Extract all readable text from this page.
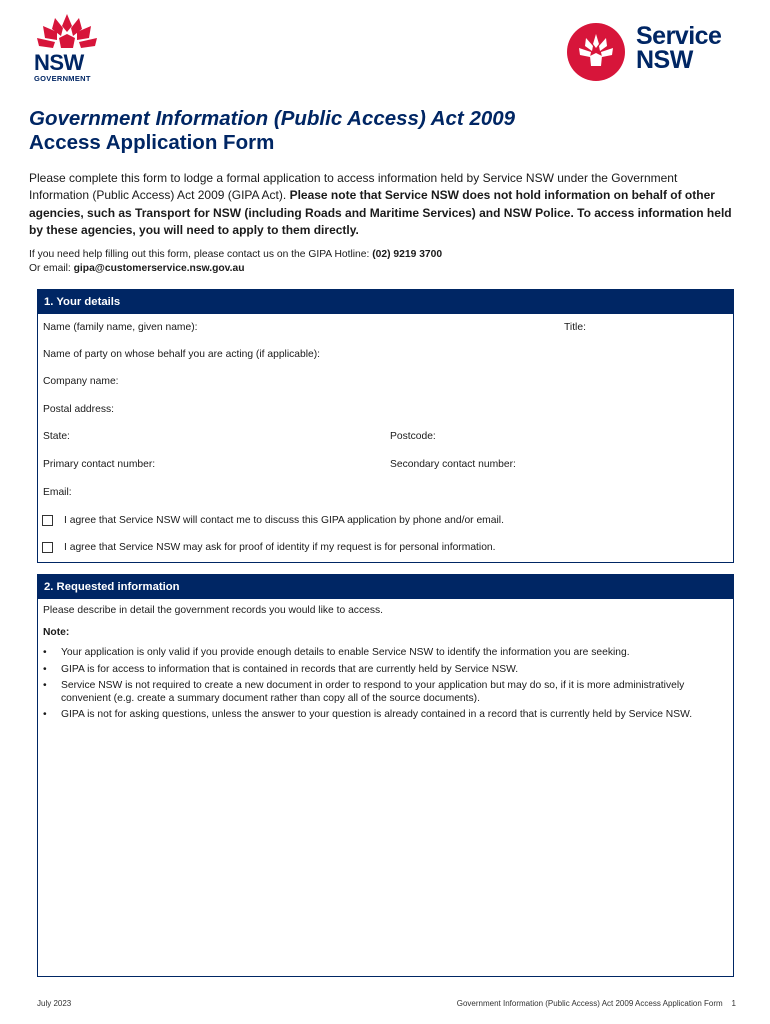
NSW
GOVERNMENT
Service
NSW
Government Information (Public Access) Act 2009
Access Application Form
Please complete this form to lodge a formal application to access information held by Service NSW under the Government Information (Public Access) Act 2009 (GIPA Act). Please note that Service NSW does not hold information on behalf of other agencies, such as Transport for NSW (including Roads and Maritime Services) and NSW Police. To access information held by these agencies, you will need to apply to them directly.
If you need help filling out this form, please contact us on the GIPA Hotline: (02) 9219 3700
Or email: gipa@customerservice.nsw.gov.au
1. Your details
Name (family name, given name):	Title:
Name of party on whose behalf you are acting (if applicable):
Company name:
Postal address:
State:	Postcode:
Primary contact number:	Secondary contact number:
Email:
I agree that Service NSW will contact me to discuss this GIPA application by phone and/or email.
I agree that Service NSW may ask for proof of identity if my request is for personal information.
2. Requested information
Please describe in detail the government records you would like to access.
Note:
• Your application is only valid if you provide enough details to enable Service NSW to identify the information you are seeking.
• GIPA is for access to information that is contained in records that are currently held by Service NSW.
• Service NSW is not required to create a new document in order to respond to your application but may do so, if it is more administratively convenient (e.g. create a summary document rather than copy all of the source documents).
• GIPA is not for asking questions, unless the answer to your question is already contained in a record that is currently held by Service NSW.
July 2023	Government Information (Public Access) Act 2009 Access Application Form 1
